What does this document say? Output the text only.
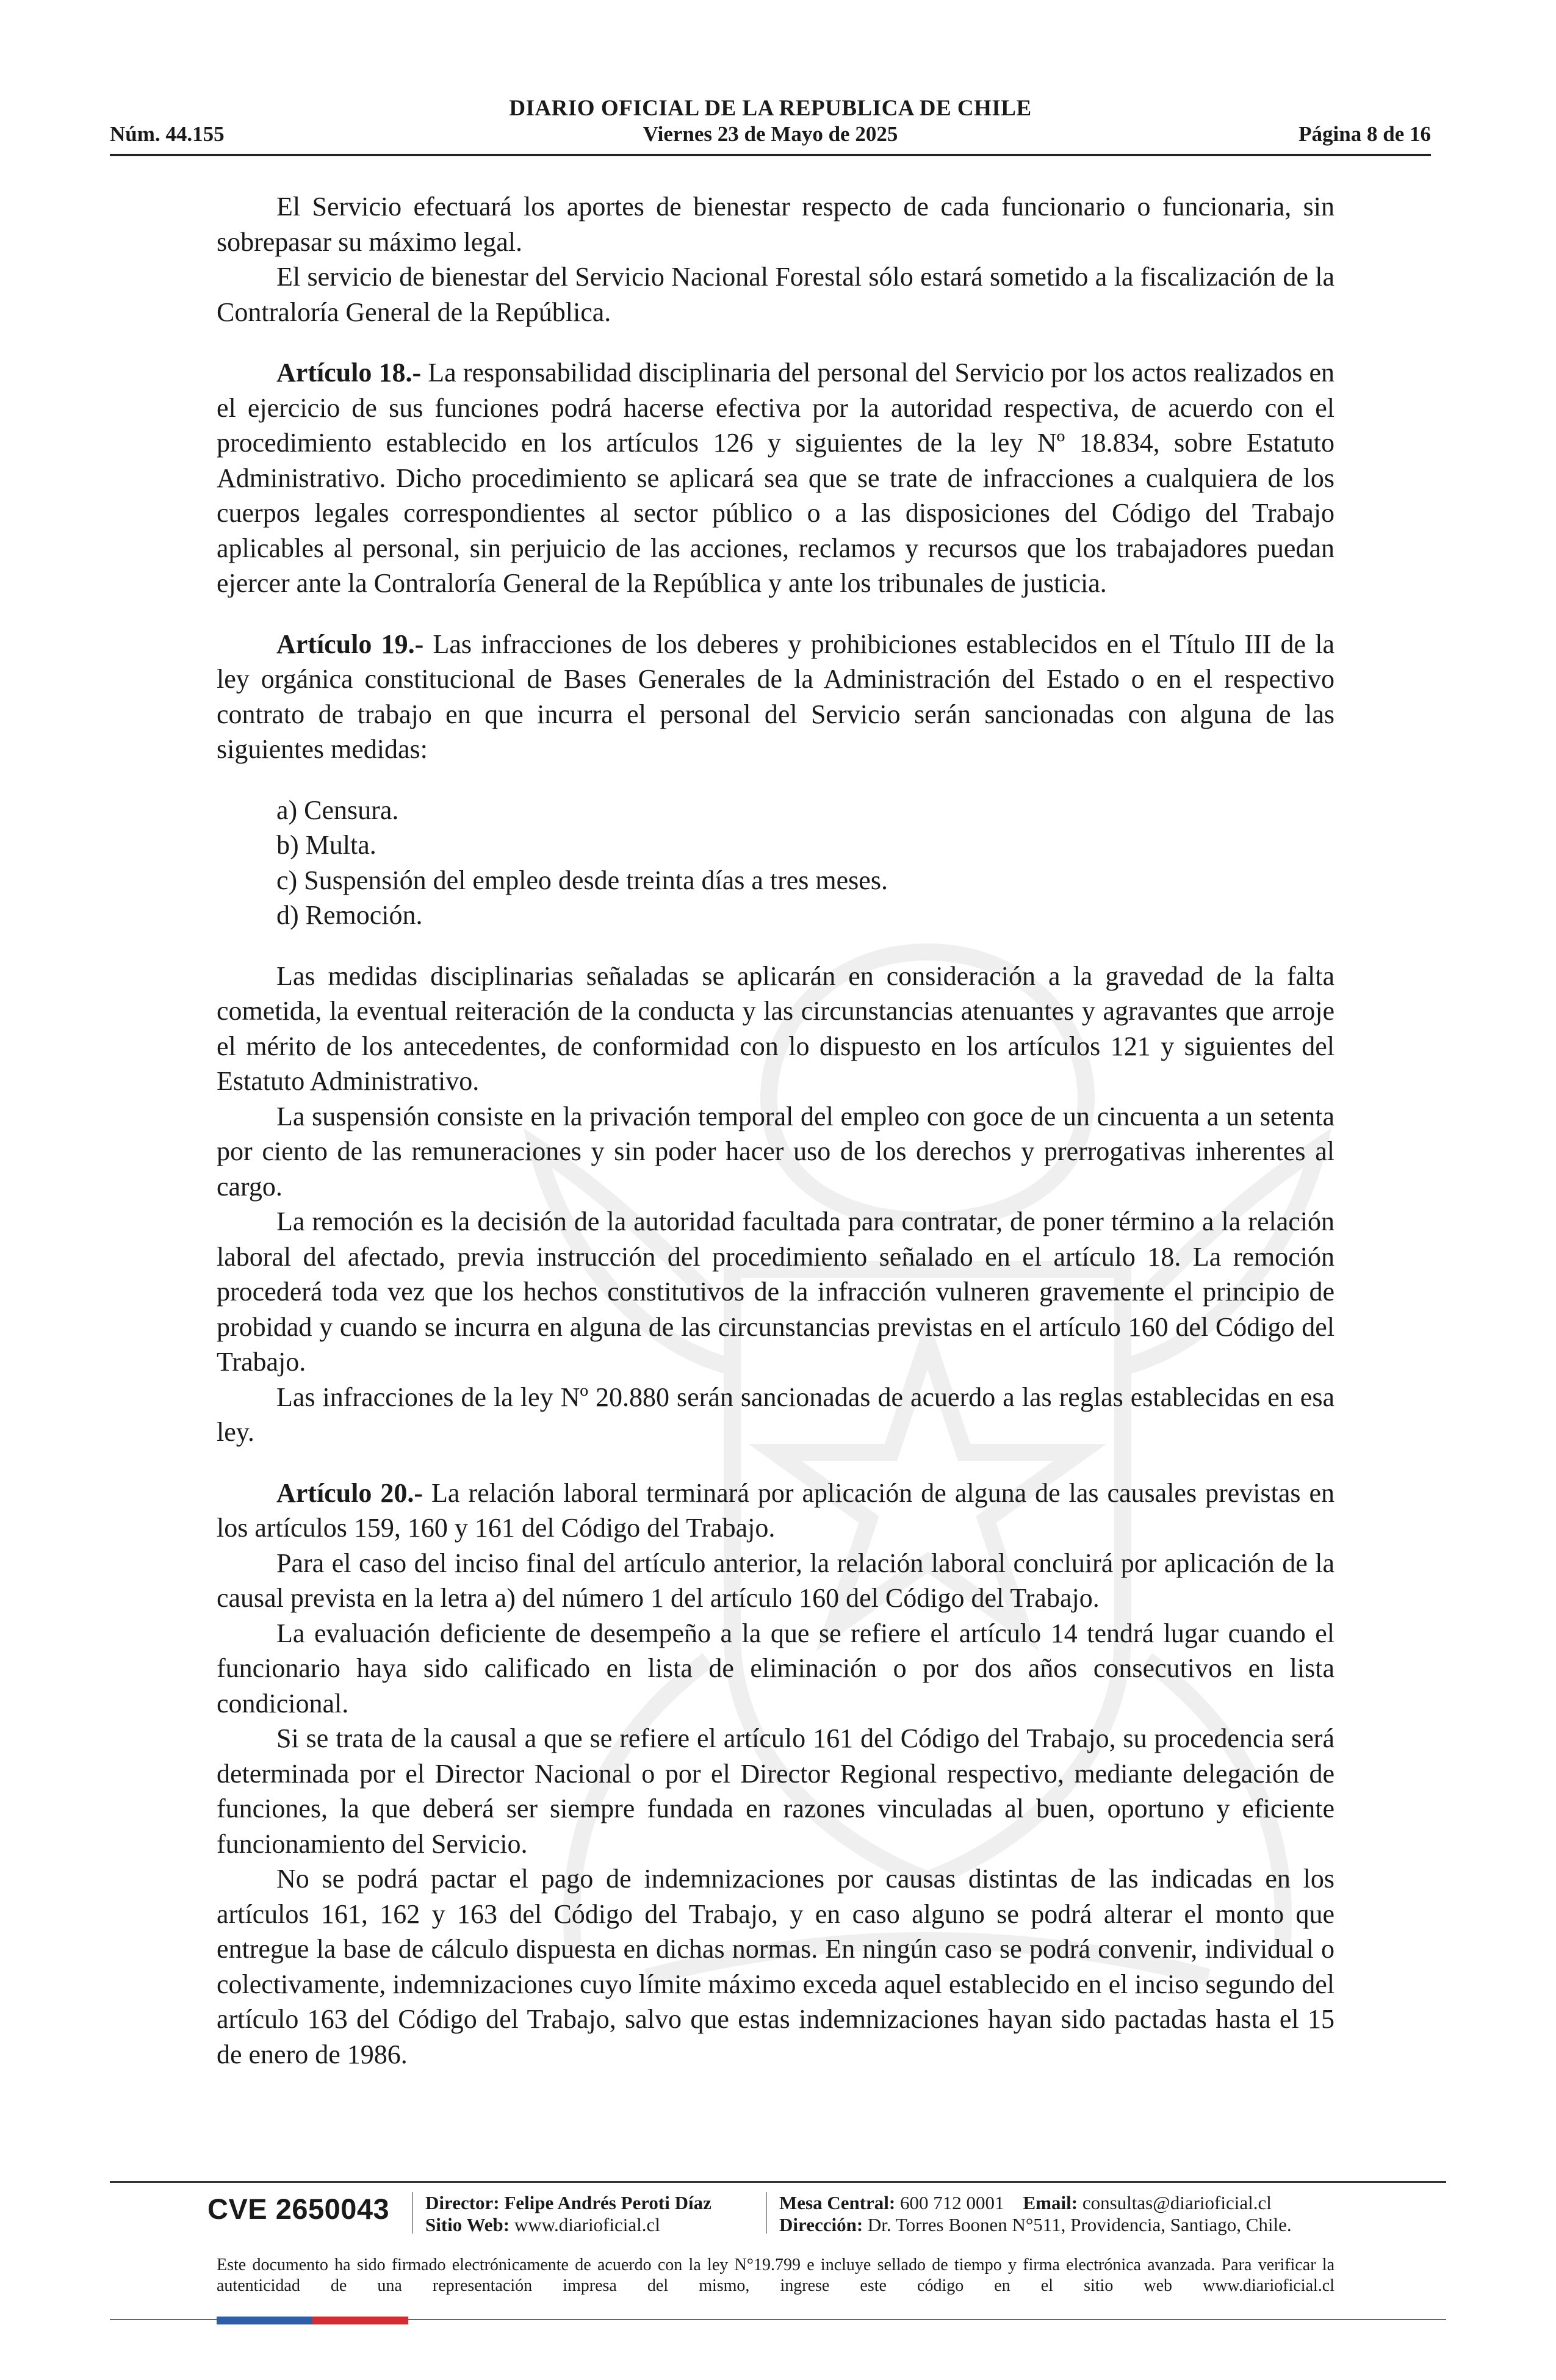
DIARIO OFICIAL DE LA REPUBLICA DE CHILE
Núm. 44.155	Viernes 23 de Mayo de 2025	Página 8 de 16

El Servicio efectuará los aportes de bienestar respecto de cada funcionario o funcionaria, sin sobrepasar su máximo legal.

El servicio de bienestar del Servicio Nacional Forestal sólo estará sometido a la fiscalización de la Contraloría General de la República.

Artículo 18.- La responsabilidad disciplinaria del personal del Servicio por los actos realizados en el ejercicio de sus funciones podrá hacerse efectiva por la autoridad respectiva, de acuerdo con el procedimiento establecido en los artículos 126 y siguientes de la ley Nº 18.834, sobre Estatuto Administrativo. Dicho procedimiento se aplicará sea que se trate de infracciones a cualquiera de los cuerpos legales correspondientes al sector público o a las disposiciones del Código del Trabajo aplicables al personal, sin perjuicio de las acciones, reclamos y recursos que los trabajadores puedan ejercer ante la Contraloría General de la República y ante los tribunales de justicia.

Artículo 19.- Las infracciones de los deberes y prohibiciones establecidos en el Título III de la ley orgánica constitucional de Bases Generales de la Administración del Estado o en el respectivo contrato de trabajo en que incurra el personal del Servicio serán sancionadas con alguna de las siguientes medidas:

a) Censura.

b) Multa.

c) Suspensión del empleo desde treinta días a tres meses.

d) Remoción.

Las medidas disciplinarias señaladas se aplicarán en consideración a la gravedad de la falta cometida, la eventual reiteración de la conducta y las circunstancias atenuantes y agravantes que arroje el mérito de los antecedentes, de conformidad con lo dispuesto en los artículos 121 y siguientes del Estatuto Administrativo.

La suspensión consiste en la privación temporal del empleo con goce de un cincuenta a un setenta por ciento de las remuneraciones y sin poder hacer uso de los derechos y prerrogativas inherentes al cargo.

La remoción es la decisión de la autoridad facultada para contratar, de poner término a la relación laboral del afectado, previa instrucción del procedimiento señalado en el artículo 18. La remoción procederá toda vez que los hechos constitutivos de la infracción vulneren gravemente el principio de probidad y cuando se incurra en alguna de las circunstancias previstas en el artículo 160 del Código del Trabajo.

Las infracciones de la ley Nº 20.880 serán sancionadas de acuerdo a las reglas establecidas en esa ley.

Artículo 20.- La relación laboral terminará por aplicación de alguna de las causales previstas en los artículos 159, 160 y 161 del Código del Trabajo.

Para el caso del inciso final del artículo anterior, la relación laboral concluirá por aplicación de la causal prevista en la letra a) del número 1 del artículo 160 del Código del Trabajo.

La evaluación deficiente de desempeño a la que se refiere el artículo 14 tendrá lugar cuando el funcionario haya sido calificado en lista de eliminación o por dos años consecutivos en lista condicional.

Si se trata de la causal a que se refiere el artículo 161 del Código del Trabajo, su procedencia será determinada por el Director Nacional o por el Director Regional respectivo, mediante delegación de funciones, la que deberá ser siempre fundada en razones vinculadas al buen, oportuno y eficiente funcionamiento del Servicio.

No se podrá pactar el pago de indemnizaciones por causas distintas de las indicadas en los artículos 161, 162 y 163 del Código del Trabajo, y en caso alguno se podrá alterar el monto que entregue la base de cálculo dispuesta en dichas normas. En ningún caso se podrá convenir, individual o colectivamente, indemnizaciones cuyo límite máximo exceda aquel establecido en el inciso segundo del artículo 163 del Código del Trabajo, salvo que estas indemnizaciones hayan sido pactadas hasta el 15 de enero de 1986.

CVE 2650043 Director: Felipe Andrés Peroti Díaz
Sitio Web: www.diarioficial.cl
Mesa Central: 600 712 0001 Email: consultas@diarioficial.cl
Dirección: Dr. Torres Boonen N°511, Providencia, Santiago, Chile.
Este documento ha sido firmado electrónicamente de acuerdo con la ley N°19.799 e incluye sellado de tiempo y firma electrónica avanzada. Para verificar la autenticidad de una representación impresa del mismo, ingrese este código en el sitio web www.diarioficial.cl
